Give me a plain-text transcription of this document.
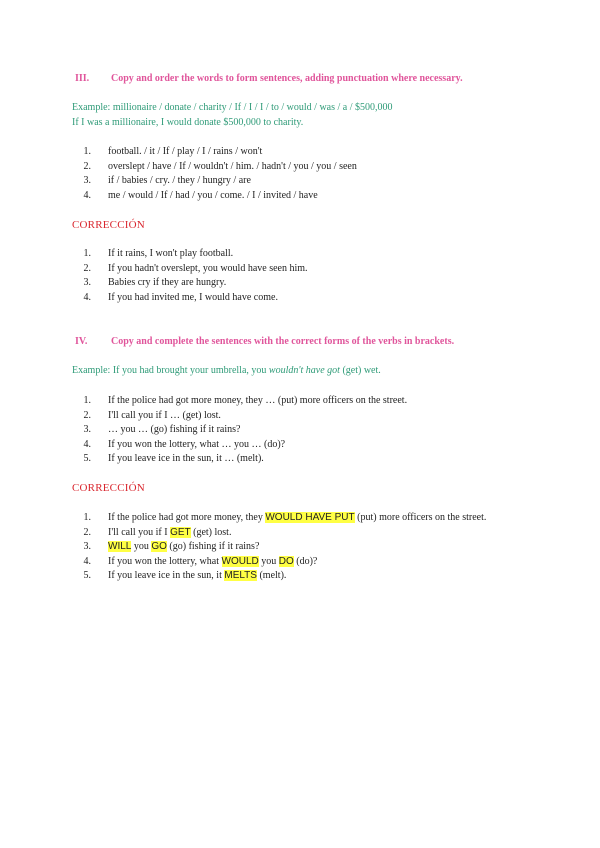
III. Copy and order the words to form sentences, adding punctuation where necessary.
Example: millionaire / donate / charity / If / I / I / to / would / was / a / $500,000
If I was a millionaire, I would donate $500,000 to charity.
1. football. / it / If / play / I / rains / won't
2. overslept / have / If / wouldn't / him. / hadn't / you / you / seen
3. if / babies / cry. / they / hungry / are
4. me / would / If / had / you / come. / I / invited / have
CORRECCIÓN
1. If it rains, I won't play football.
2. If you hadn't overslept, you would have seen him.
3. Babies cry if they are hungry.
4. If you had invited me, I would have come.
IV. Copy and complete the sentences with the correct forms of the verbs in brackets.
Example: If you had brought your umbrella, you wouldn't have got (get) wet.
1. If the police had got more money, they … (put) more officers on the street.
2. I'll call you if I … (get) lost.
3. … you … (go) fishing if it rains?
4. If you won the lottery, what … you … (do)?
5. If you leave ice in the sun, it … (melt).
CORRECCIÓN
1. If the police had got more money, they WOULD HAVE PUT (put) more officers on the street.
2. I'll call you if I GET (get) lost.
3. WILL you GO (go) fishing if it rains?
4. If you won the lottery, what WOULD you DO (do)?
5. If you leave ice in the sun, it MELTS (melt).
